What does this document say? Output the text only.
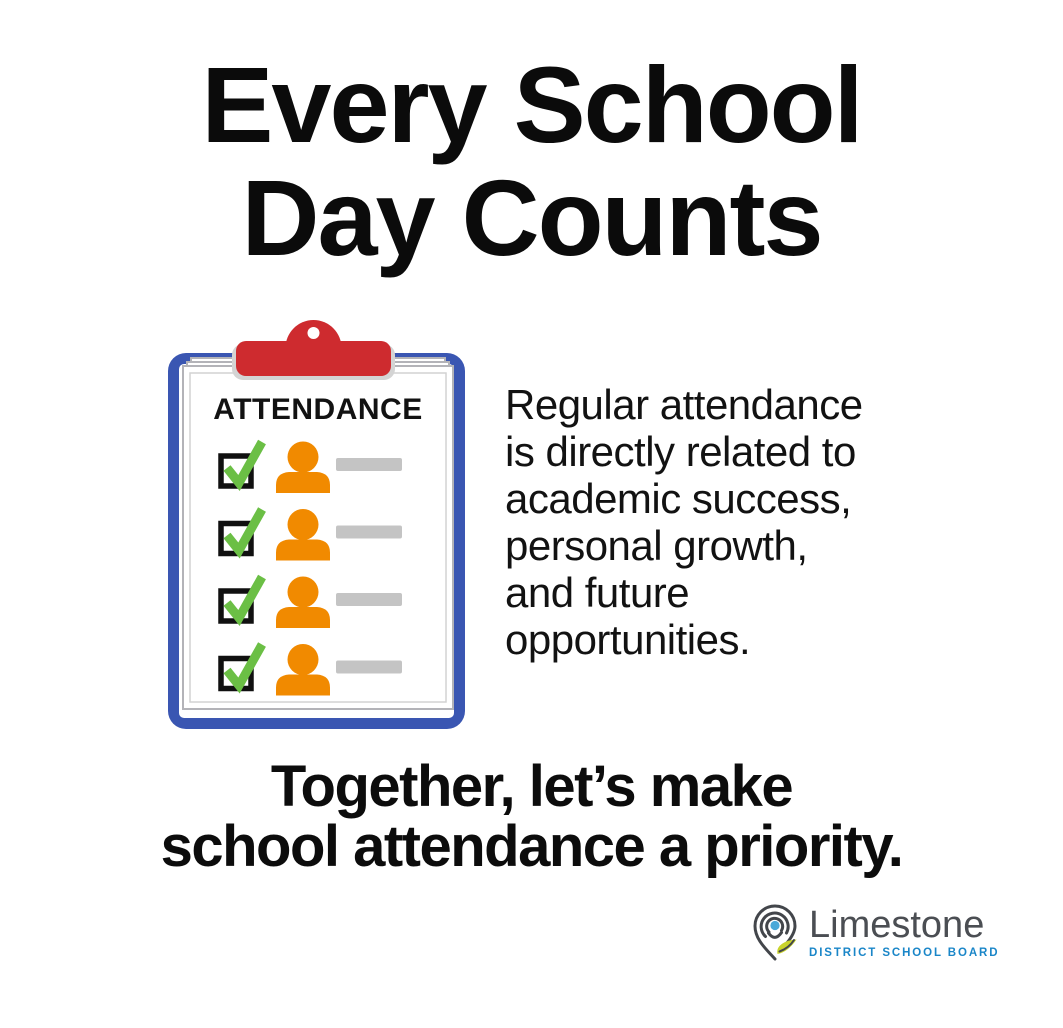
Every School
Day Counts
ATTENDANCE Regular attendance
is directly related to
academic success,
personal growth,
and future
opportunities.
Together, let’s make
school attendance a priority.
Limestone
DISTRICT SCHOOL BOARD
